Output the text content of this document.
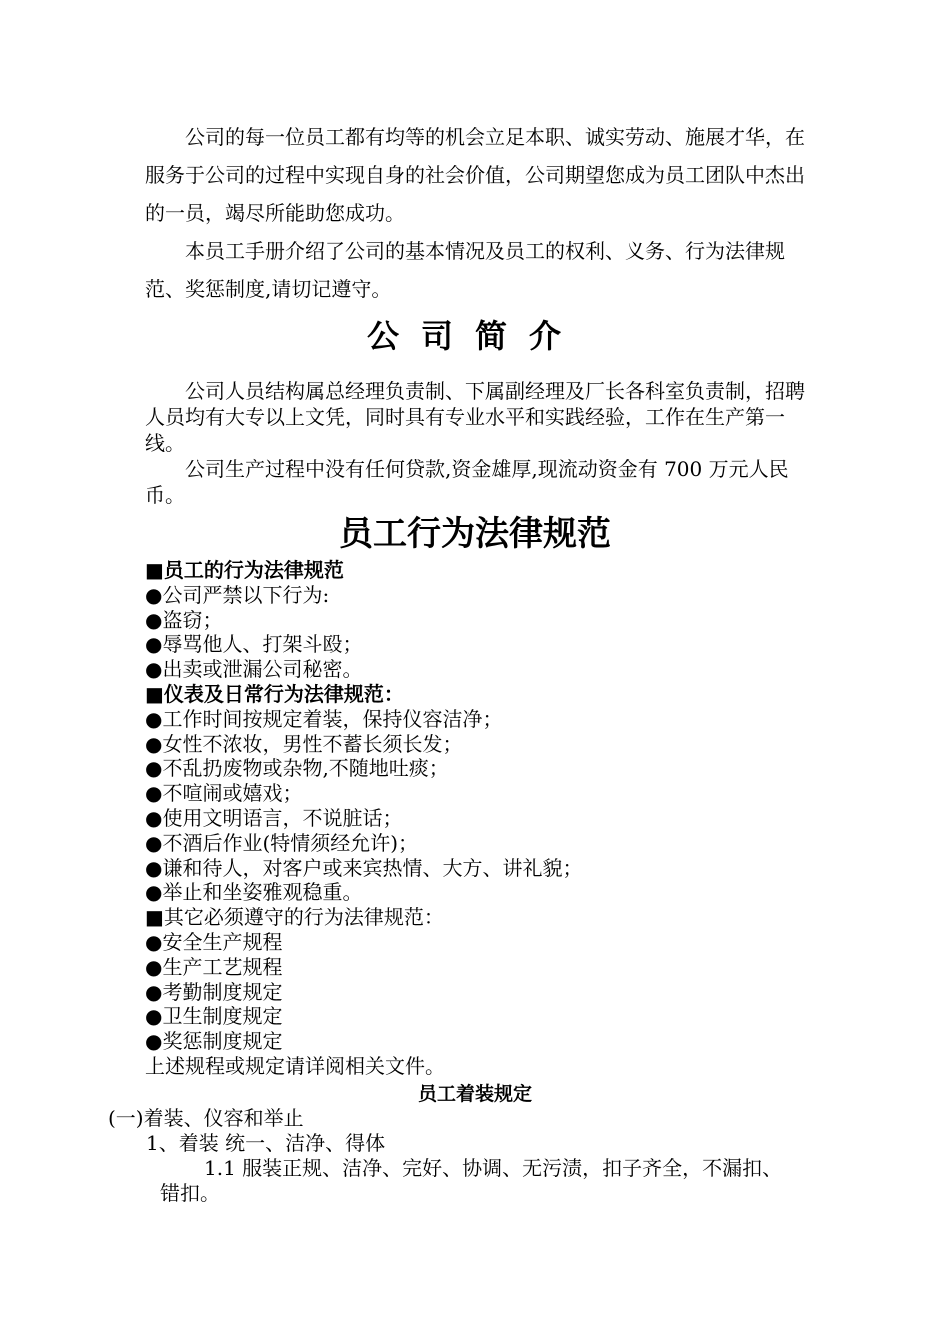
公司的每一位员工都有均等的机会立足本职、诚实劳动、施展才华，在服务于公司的过程中实现自身的社会价值，公司期望您成为员工团队中杰出的一员，竭尽所能助您成功。

本员工手册介绍了公司的基本情况及员工的权利、义务、行为法律规范、奖惩制度,请切记遵守。

公司简介

公司人员结构属总经理负责制、下属副经理及厂长各科室负责制，招聘人员均有大专以上文凭，同时具有专业水平和实践经验，工作在生产第一线。

公司生产过程中没有任何贷款,资金雄厚,现流动资金有 700 万元人民币。

员工行为法律规范
■员工的行为法律规范
●公司严禁以下行为:
●盗窃；
●辱骂他人、打架斗殴；
●出卖或泄漏公司秘密。
■仪表及日常行为法律规范：
●工作时间按规定着装，保持仪容洁净；
●女性不浓妆，男性不蓄长须长发；
●不乱扔废物或杂物,不随地吐痰；
●不喧闹或嬉戏；
●使用文明语言，不说脏话；
●不酒后作业(特情须经允许)；
●谦和待人，对客户或来宾热情、大方、讲礼貌；
●举止和坐姿雅观稳重。
■其它必须遵守的行为法律规范：
●安全生产规程
●生产工艺规程
●考勤制度规定
●卫生制度规定
●奖惩制度规定
上述规程或规定请详阅相关文件。
员工着装规定
(一)着装、仪容和举止
1、着装 统一、洁净、得体
1.1 服装正规、洁净、完好、协调、无污渍，扣子齐全，不漏扣、错扣。
